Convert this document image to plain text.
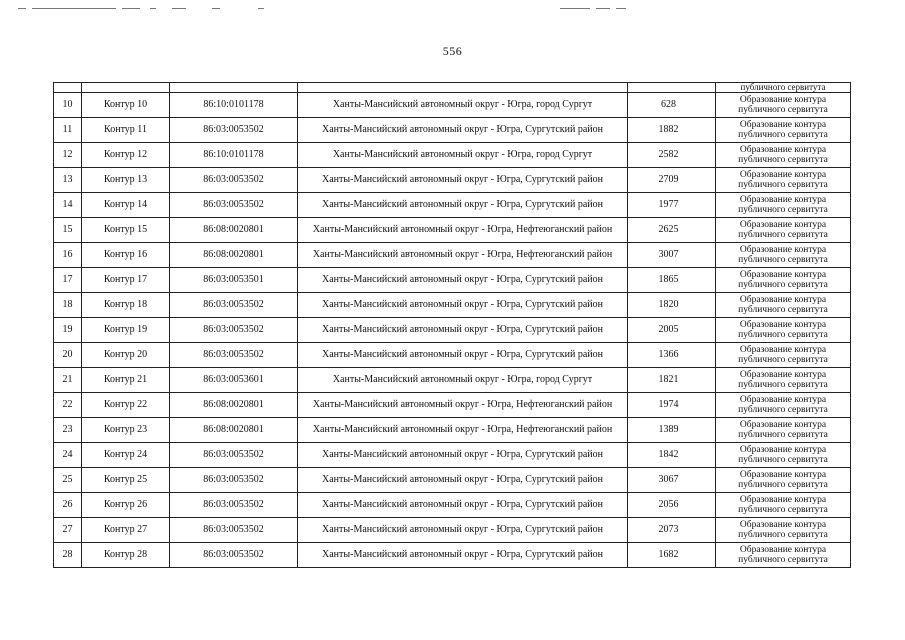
556
					публичного сервитута
10	Контур 10	86:10:0101178	Ханты-Мансийский автономный округ - Югра, город Сургут	628	Образование контура публичного сервитута
11	Контур 11	86:03:0053502	Ханты-Мансийский автономный округ - Югра, Сургутский район	1882	Образование контура публичного сервитута
12	Контур 12	86:10:0101178	Ханты-Мансийский автономный округ - Югра, город Сургут	2582	Образование контура публичного сервитута
13	Контур 13	86:03:0053502	Ханты-Мансийский автономный округ - Югра, Сургутский район	2709	Образование контура публичного сервитута
14	Контур 14	86:03:0053502	Ханты-Мансийский автономный округ - Югра, Сургутский район	1977	Образование контура публичного сервитута
15	Контур 15	86:08:0020801	Ханты-Мансийский автономный округ - Югра, Нефтеюганский район	2625	Образование контура публичного сервитута
16	Контур 16	86:08:0020801	Ханты-Мансийский автономный округ - Югра, Нефтеюганский район	3007	Образование контура публичного сервитута
17	Контур 17	86:03:0053501	Ханты-Мансийский автономный округ - Югра, Сургутский район	1865	Образование контура публичного сервитута
18	Контур 18	86:03:0053502	Ханты-Мансийский автономный округ - Югра, Сургутский район	1820	Образование контура публичного сервитута
19	Контур 19	86:03:0053502	Ханты-Мансийский автономный округ - Югра, Сургутский район	2005	Образование контура публичного сервитута
20	Контур 20	86:03:0053502	Ханты-Мансийский автономный округ - Югра, Сургутский район	1366	Образование контура публичного сервитута
21	Контур 21	86:03:0053601	Ханты-Мансийский автономный округ - Югра, город Сургут	1821	Образование контура публичного сервитута
22	Контур 22	86:08:0020801	Ханты-Мансийский автономный округ - Югра, Нефтеюганский район	1974	Образование контура публичного сервитута
23	Контур 23	86:08:0020801	Ханты-Мансийский автономный округ - Югра, Нефтеюганский район	1389	Образование контура публичного сервитута
24	Контур 24	86:03:0053502	Ханты-Мансийский автономный округ - Югра, Сургутский район	1842	Образование контура публичного сервитута
25	Контур 25	86:03:0053502	Ханты-Мансийский автономный округ - Югра, Сургутский район	3067	Образование контура публичного сервитута
26	Контур 26	86:03:0053502	Ханты-Мансийский автономный округ - Югра, Сургутский район	2056	Образование контура публичного сервитута
27	Контур 27	86:03:0053502	Ханты-Мансийский автономный округ - Югра, Сургутский район	2073	Образование контура публичного сервитута
28	Контур 28	86:03:0053502	Ханты-Мансийский автономный округ - Югра, Сургутский район	1682	Образование контура публичного сервитута
